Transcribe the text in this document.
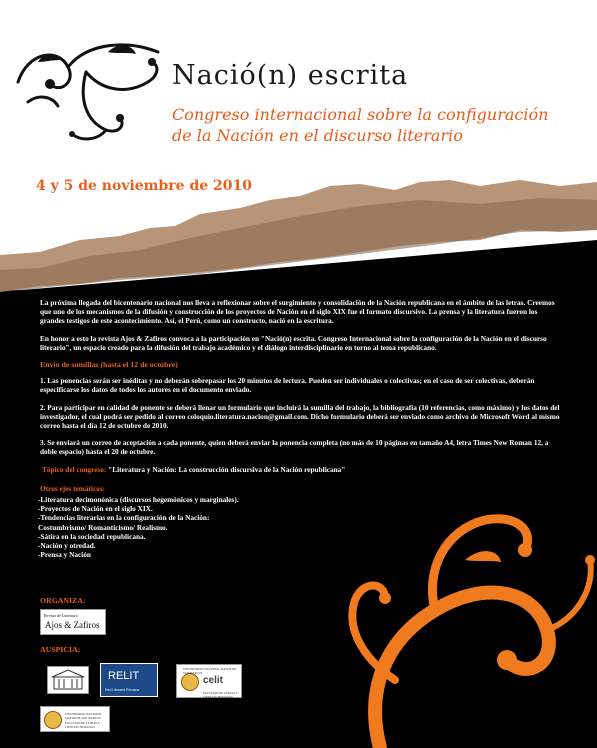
Nació(n) escrita
Congreso internacional sobre la configuración
de la Nación en el discurso literario
4 y 5 de noviembre de 2010

La próxima llegada del bicentenario nacional nos lleva a reflexionar sobre el surgimiento y consolidación de la Nación republicana en el ámbito de las letras. Creemos que uno de los mecanismos de la difusión y construcción de los proyectos de Nación en el siglo XIX fue el formato discursivo. La prensa y la literatura fueron los grandes testigos de este acontecimiento. Así, el Perú, como un constructo, nació en la escritura.

En honor a esto la revista Ajos & Zafiros convoca a la participación en "Nació(n) escrita. Congreso Internacional sobre la configuración de la Nación en el discurso literario", un espacio creado para la difusión del trabajo académico y el diálogo interdisciplinario en torno al tema republicano.

Envío de sumillas (hasta el 12 de octubre)
1. Las ponencias serán ser inéditas y no deberán sobrepasar los 20 minutos de lectura. Pueden ser individuales o colectivas; en el caso de ser colectivas, deberán especificarse los datos de todos los autores en el documento enviado.
2. Para participar en calidad de ponente se deberá llenar un formulario que incluirá la sumilla del trabajo, la bibliografía (10 referencias, como máximo) y los datos del investigador, el cual podrá ser pedido al correo coloquio.literatura.nacion@gmail.com. Dicho formulario deberá ser enviado como archivo de Microsoft Word al mismo correo hasta el día 12 de octubre de 2010.
3. Se enviará un correo de aceptación a cada ponente, quien deberá enviar la ponencia completa (no más de 10 páginas en tamaño A4, letra Times New Roman 12, a doble espacio) hasta el 20 de octubre.
Tópico del congreso: "Literatura y Nación: La construcción discursiva de la Nación republicana"
Otros ejes temáticos:
-Literatura decimonónica (discursos hegemónicos y marginales).
-Proyectos de Nación en el siglo XIX.
-Tendencias literarias en la configuración de la Nación:
Costumbrismo/ Romanticismo/ Realismo.
-Sátira en la sociedad republicana.
-Nación y otredad.
-Prensa y Nación
ORGANIZA:
Revista de Literatura
Ajos & Zafiros
AUSPICIA:
RELIT
Red Literaria Peruana
UNIVERSIDAD NACIONAL MAYOR DE SAN MARCOS
celit
FACULTAD DE LETRAS Y CIENCIAS HUMANAS
UNIVERSIDAD NACIONAL MAYOR DE SAN MARCOS
FACULTAD DE LETRAS Y CIENCIAS HUMANAS
